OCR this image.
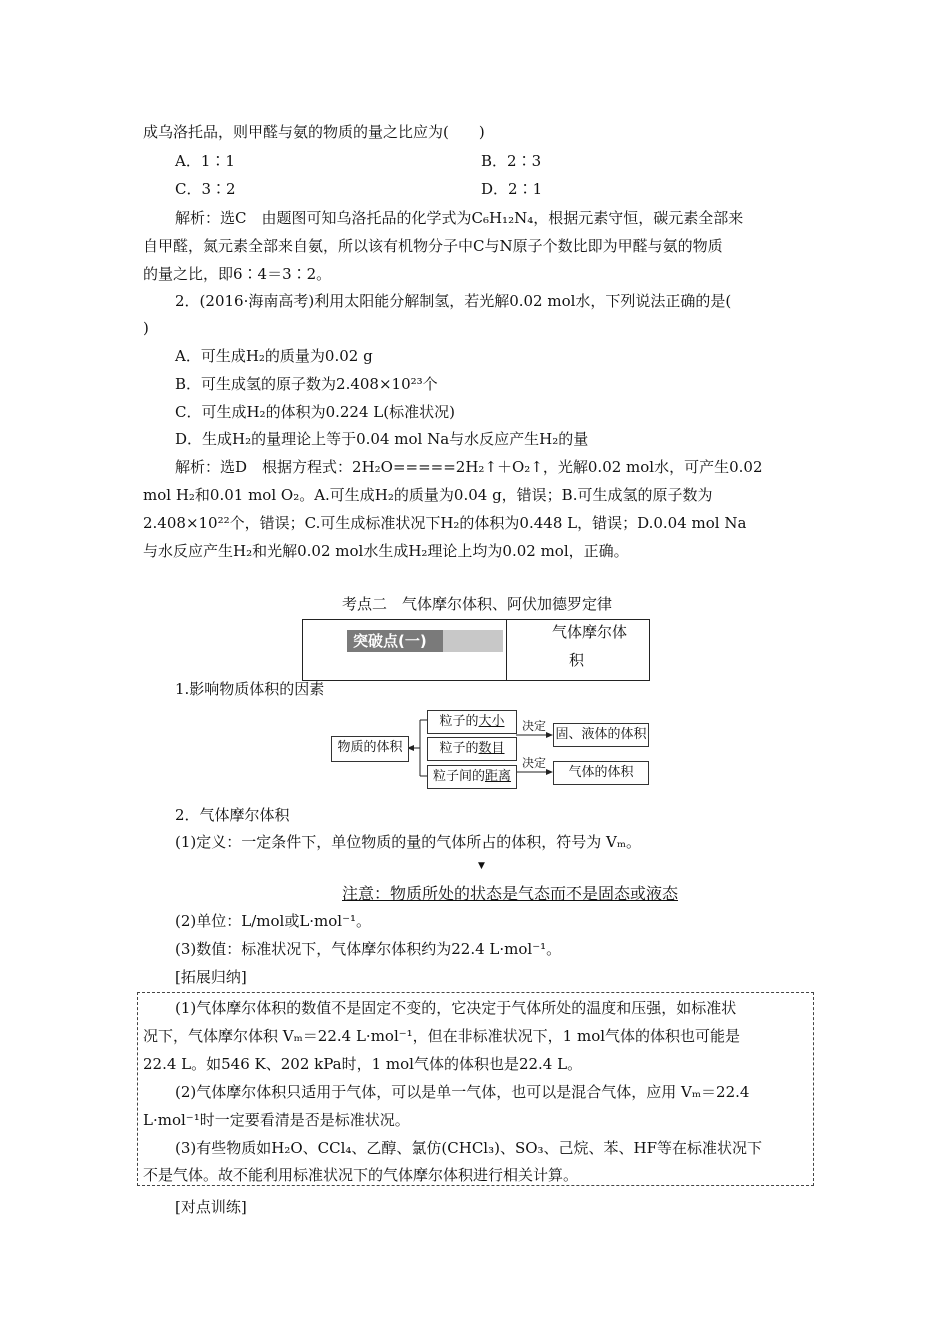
成乌洛托品，则甲醛与氨的物质的量之比应为(　　)
A．1∶1	B．2∶3
C．3∶2	D．2∶1
解析：选C　由题图可知乌洛托品的化学式为C₆H₁₂N₄，根据元素守恒，碳元素全部来
自甲醛，氮元素全部来自氨，所以该有机物分子中C与N原子个数比即为甲醛与氨的物质
的量之比，即6∶4＝3∶2。
2．(2016·海南高考)利用太阳能分解制氢，若光解0.02 mol水，下列说法正确的是(
)
A．可生成H₂的质量为0.02 g
B．可生成氢的原子数为2.408×10²³个
C．可生成H₂的体积为0.224 L(标准状况)
D．生成H₂的量理论上等于0.04 mol Na与水反应产生H₂的量
解析：选D　根据方程式：2H₂O=====2H₂↑＋O₂↑，光解0.02 mol水，可产生0.02
mol H₂和0.01 mol O₂。A.可生成H₂的质量为0.04 g，错误；B.可生成氢的原子数为
2.408×10²²个，错误；C.可生成标准状况下H₂的体积为0.448 L，错误；D.0.04 mol Na
与水反应产生H₂和光解0.02 mol水生成H₂理论上均为0.02 mol，正确。
考点二　气体摩尔体积、阿伏加德罗定律
突破点(一)	气体摩尔体
积
1.影响物质体积的因素
物质的体积
粒子的大小
粒子的数目
粒子间的距离
决定
决定
固、液体的体积
气体的体积
2．气体摩尔体积
(1)定义：一定条件下，单位物质的量的气体所占的体积，符号为 Vₘ。
▼
注意：物质所处的状态是气态而不是固态或液态
(2)单位：L/mol或L·mol⁻¹。
(3)数值：标准状况下，气体摩尔体积约为22.4 L·mol⁻¹。
[拓展归纳]
(1)气体摩尔体积的数值不是固定不变的，它决定于气体所处的温度和压强，如标准状
况下，气体摩尔体积 Vₘ＝22.4 L·mol⁻¹，但在非标准状况下，1 mol气体的体积也可能是
22.4 L。如546 K、202 kPa时，1 mol气体的体积也是22.4 L。
(2)气体摩尔体积只适用于气体，可以是单一气体，也可以是混合气体，应用 Vₘ＝22.4
L·mol⁻¹时一定要看清是否是标准状况。
(3)有些物质如H₂O、CCl₄、乙醇、氯仿(CHCl₃)、SO₃、己烷、苯、HF等在标准状况下
不是气体。故不能利用标准状况下的气体摩尔体积进行相关计算。
[对点训练]
